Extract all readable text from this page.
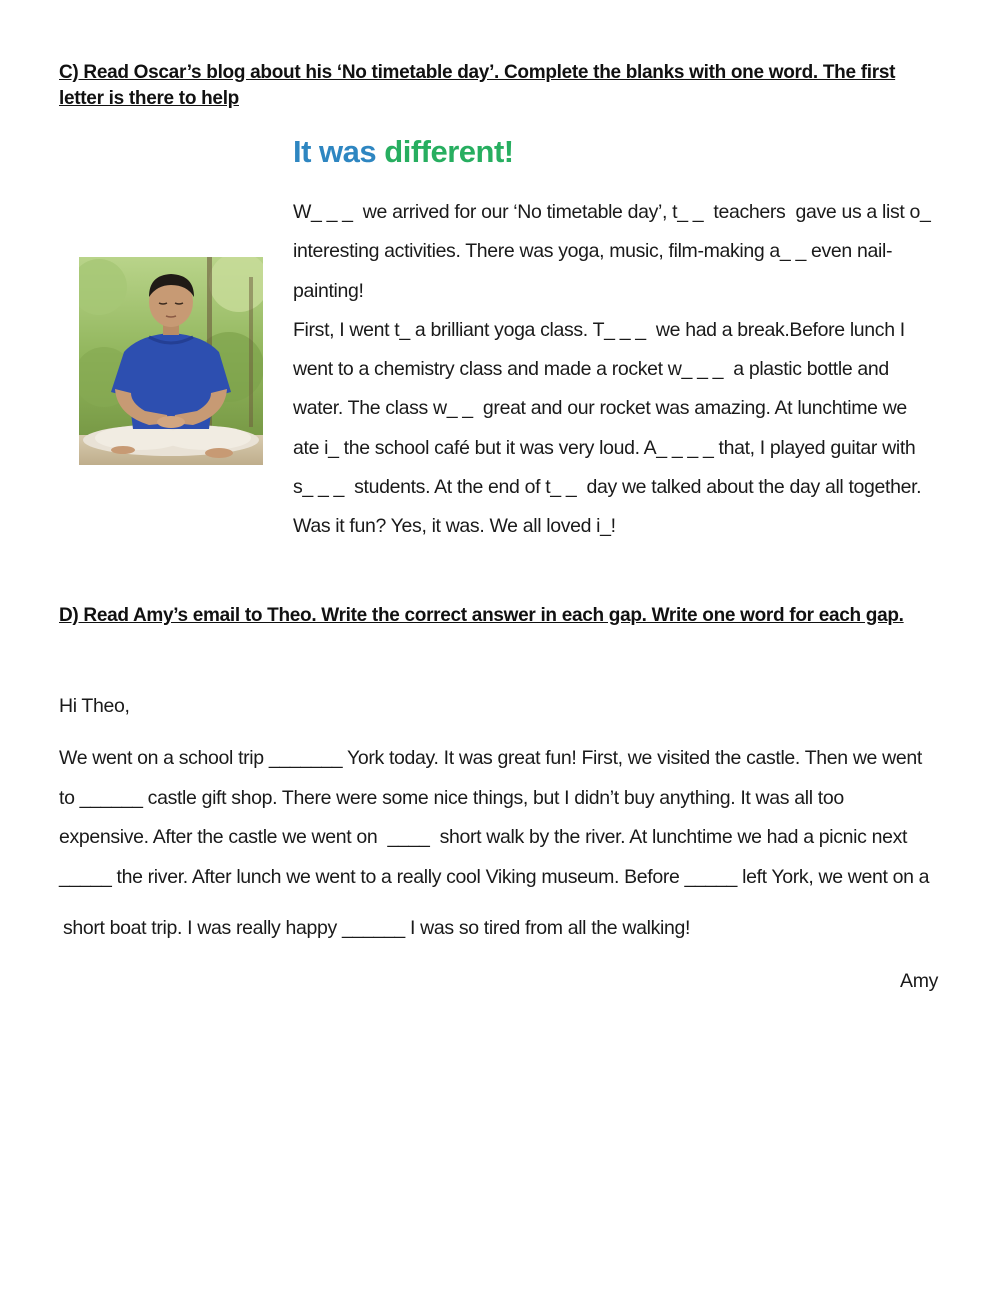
C) Read Oscar’s blog about his ‘No timetable day’. Complete the blanks with one word. The first letter is there to help

It was different!
W_ _ _  we arrived for our ‘No timetable day’, t_ _  teachers  gave us a list o_
interesting activities. There was yoga, music, film-making a_ _ even nail-
painting!
First, I went t_ a brilliant yoga class. T_ _ _  we had a break.Before lunch I
went to a chemistry class and made a rocket w_ _ _  a plastic bottle and
water. The class w_ _  great and our rocket was amazing. At lunchtime we
ate i_ the school café but it was very loud. A_ _ _ _ that, I played guitar with
s_ _ _  students. At the end of t_ _  day we talked about the day all together.
Was it fun? Yes, it was. We all loved i_!

D) Read Amy’s email to Theo. Write the correct answer in each gap. Write one word for each gap.

Hi Theo,

We went on a school trip _______ York today. It was great fun! First, we visited the castle. Then we went

to ______ castle gift shop. There were some nice things, but I didn’t buy anything. It was all too

expensive. After the castle we went on  ____  short walk by the river. At lunchtime we had a picnic next

_____ the river. After lunch we went to a really cool Viking museum. Before _____ left York, we went on a

short boat trip. I was really happy ______ I was so tired from all the walking!

Amy
